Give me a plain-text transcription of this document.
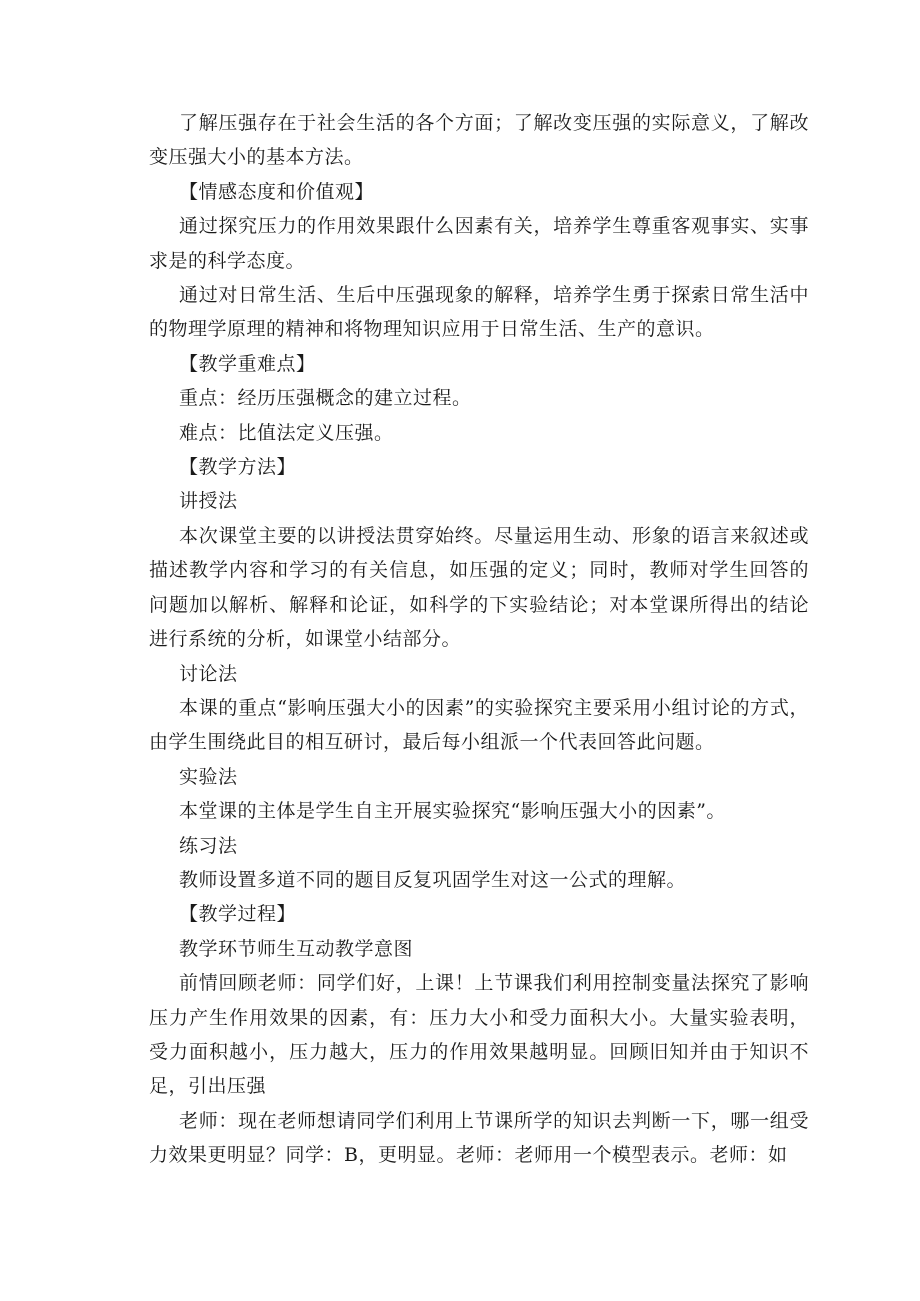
了解压强存在于社会生活的各个方面；了解改变压强的实际意义，了解改变压强大小的基本方法。

【情感态度和价值观】

通过探究压力的作用效果跟什么因素有关，培养学生尊重客观事实、实事求是的科学态度。

通过对日常生活、生后中压强现象的解释，培养学生勇于探索日常生活中的物理学原理的精神和将物理知识应用于日常生活、生产的意识。

【教学重难点】

重点：经历压强概念的建立过程。

难点：比值法定义压强。

【教学方法】

讲授法

本次课堂主要的以讲授法贯穿始终。尽量运用生动、形象的语言来叙述或描述教学内容和学习的有关信息，如压强的定义；同时，教师对学生回答的问题加以解析、解释和论证，如科学的下实验结论；对本堂课所得出的结论进行系统的分析，如课堂小结部分。

讨论法

本课的重点“影响压强大小的因素”的实验探究主要采用小组讨论的方式，由学生围绕此目的相互研讨，最后每小组派一个代表回答此问题。

实验法

本堂课的主体是学生自主开展实验探究“影响压强大小的因素”。

练习法

教师设置多道不同的题目反复巩固学生对这一公式的理解。

【教学过程】

教学环节师生互动教学意图

前情回顾老师：同学们好，上课！上节课我们利用控制变量法探究了影响压力产生作用效果的因素，有：压力大小和受力面积大小。大量实验表明，受力面积越小，压力越大，压力的作用效果越明显。回顾旧知并由于知识不足，引出压强

老师：现在老师想请同学们利用上节课所学的知识去判断一下，哪一组受力效果更明显？同学：B，更明显。老师：老师用一个模型表示。老师：如
